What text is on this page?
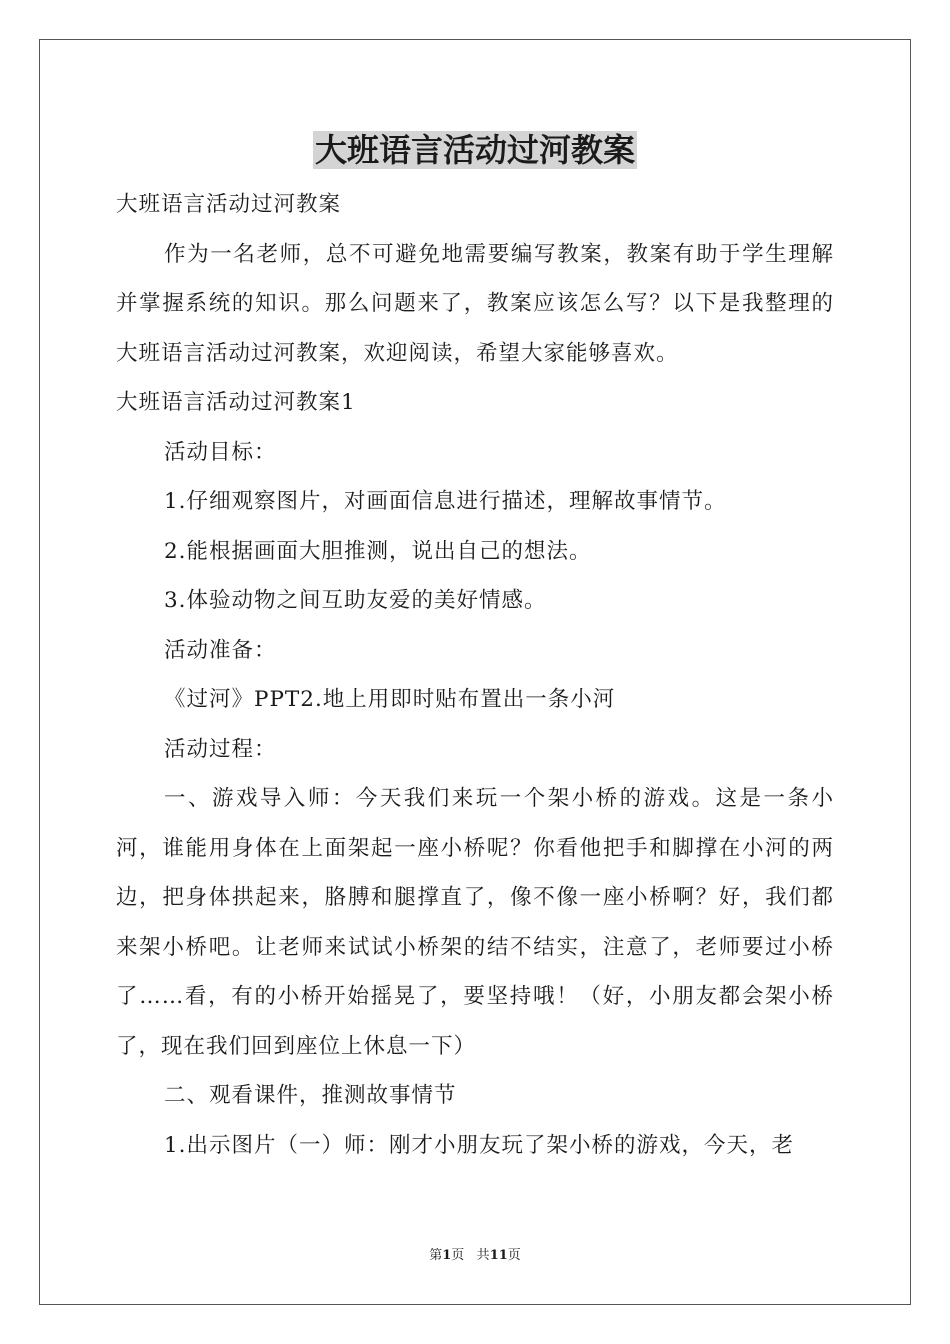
大班语言活动过河教案

大班语言活动过河教案

作为一名老师，总不可避免地需要编写教案，教案有助于学生理解并掌握系统的知识。那么问题来了，教案应该怎么写？以下是我整理的大班语言活动过河教案，欢迎阅读，希望大家能够喜欢。

大班语言活动过河教案1

活动目标：

1.仔细观察图片，对画面信息进行描述，理解故事情节。

2.能根据画面大胆推测，说出自己的想法。

3.体验动物之间互助友爱的美好情感。

活动准备：

《过河》PPT2.地上用即时贴布置出一条小河

活动过程：

一、游戏导入师：今天我们来玩一个架小桥的游戏。这是一条小河，谁能用身体在上面架起一座小桥呢？你看他把手和脚撑在小河的两边，把身体拱起来，胳膊和腿撑直了，像不像一座小桥啊？好，我们都来架小桥吧。让老师来试试小桥架的结不结实，注意了，老师要过小桥了……看，有的小桥开始摇晃了，要坚持哦！（好，小朋友都会架小桥了，现在我们回到座位上休息一下）

二、观看课件，推测故事情节

1.出示图片（一）师：刚才小朋友玩了架小桥的游戏，今天，老

第1页 共11页
